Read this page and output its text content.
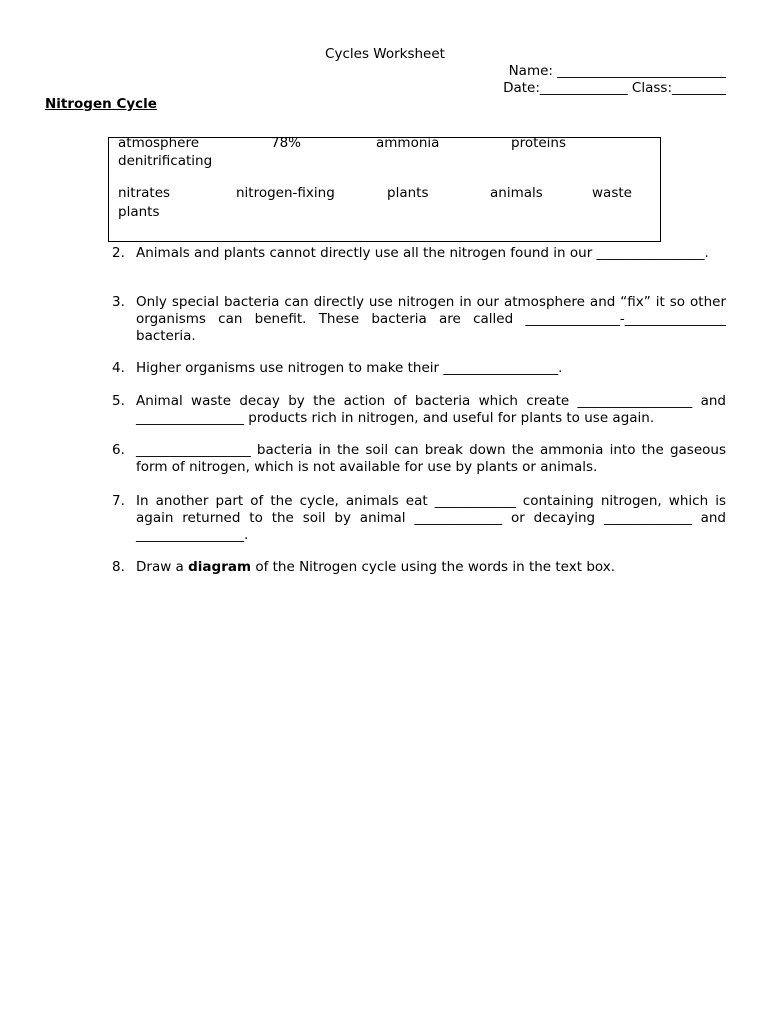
Cycles Worksheet
Name: _________________________
Date:_____________ Class:________
Nitrogen Cycle
atmosphere	78%	ammonia	proteins
denitrificating
nitrates	nitrogen-fixing	plants	animals	waste
plants
2. Animals and plants cannot directly use all the nitrogen found in our ________________.
3. Only special bacteria can directly use nitrogen in our atmosphere and “fix” it so other organisms can benefit. These bacteria are called ______________-_______________ bacteria.
4. Higher organisms use nitrogen to make their _________________.
5. Animal waste decay by the action of bacteria which create _________________ and ________________ products rich in nitrogen, and useful for plants to use again.
6. _________________ bacteria in the soil can break down the ammonia into the gaseous form of nitrogen, which is not available for use by plants or animals.
7. In another part of the cycle, animals eat ____________ containing nitrogen, which is again returned to the soil by animal _____________ or decaying _____________ and ________________.
8. Draw a diagram of the Nitrogen cycle using the words in the text box.
